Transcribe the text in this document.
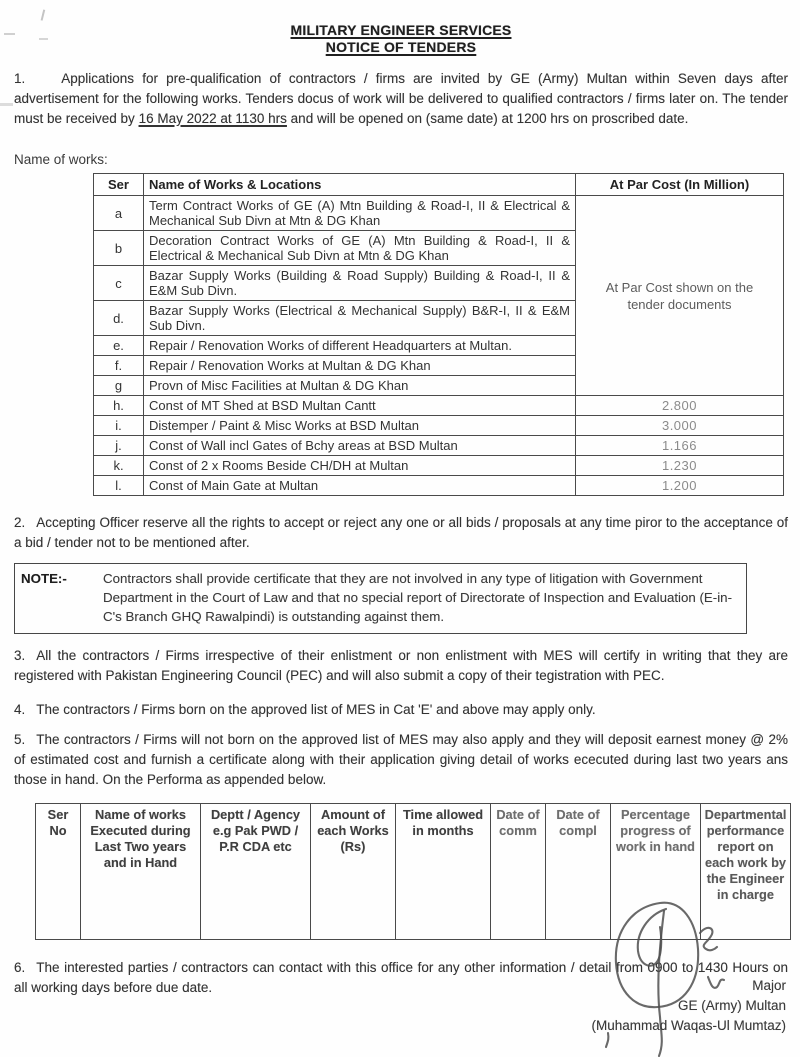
MILITARY ENGINEER SERVICES
NOTICE OF TENDERS

1.	Applications for pre-qualification of contractors / firms are invited by GE (Army) Multan within Seven days after advertisement for the following works. Tenders docus of work will be delivered to qualified contractors / firms later on. The tender must be received by 16 May 2022 at 1130 hrs and will be opened on (same date) at 1200 hrs on proscribed date.

Name of works:

Ser	Name of Works & Locations	At Par Cost (In Million)
a	Term Contract Works of GE (A) Mtn Building & Road-I, II & Electrical & Mechanical Sub Divn at Mtn & DG Khan	At Par Cost shown on the tender documents
b	Decoration Contract Works of GE (A) Mtn Building & Road-I, II & Electrical & Mechanical Sub Divn at Mtn & DG Khan	
c	Bazar Supply Works (Building & Road Supply) Building & Road-I, II & E&M Sub Divn.	
d.	Bazar Supply Works (Electrical & Mechanical Supply) B&R-I, II & E&M Sub Divn.	
e.	Repair / Renovation Works of different Headquarters at Multan.	
f.	Repair / Renovation Works at Multan & DG Khan	
g	Provn of Misc Facilities at Multan & DG Khan	
h.	Const of MT Shed at BSD Multan Cantt	2.800
i.	Distemper / Paint & Misc Works at BSD Multan	3.000
j.	Const of Wall incl Gates of Bchy areas at BSD Multan	1.166
k.	Const of 2 x Rooms Beside CH/DH at Multan	1.230
l.	Const of Main Gate at Multan	1.200

2. Accepting Officer reserve all the rights to accept or reject any one or all bids / proposals at any time piror to the acceptance of a bid / tender not to be mentioned after.

NOTE:-	Contractors shall provide certificate that they are not involved in any type of litigation with Government Department in the Court of Law and that no special report of Directorate of Inspection and Evaluation (E-in-C's Branch GHQ Rawalpindi) is outstanding against them.

3. All the contractors / Firms irrespective of their enlistment or non enlistment with MES will certify in writing that they are registered with Pakistan Engineering Council (PEC) and will also submit a copy of their tegistration with PEC.

4. The contractors / Firms born on the approved list of MES in Cat 'E' and above may apply only.

5. The contractors / Firms will not born on the approved list of MES may also apply and they will deposit earnest money @ 2% of estimated cost and furnish a certificate along with their application giving detail of works ececuted during last two years ans those in hand. On the Performa as appended below.

Ser No	Name of works Executed during Last Two years and in Hand	Deptt / Agency e.g Pak PWD / P.R CDA etc	Amount of each Works (Rs)	Time allowed in months	Date of comm	Date of compl	Percentage progress of work in hand	Departmental performance report on each work by the Engineer in charge

6. The interested parties / contractors can contact with this office for any other information / detail from 0900 to 1430 Hours on all working days before due date.	Major
GE (Army) Multan
(Muhammad Waqas-Ul Mumtaz)
